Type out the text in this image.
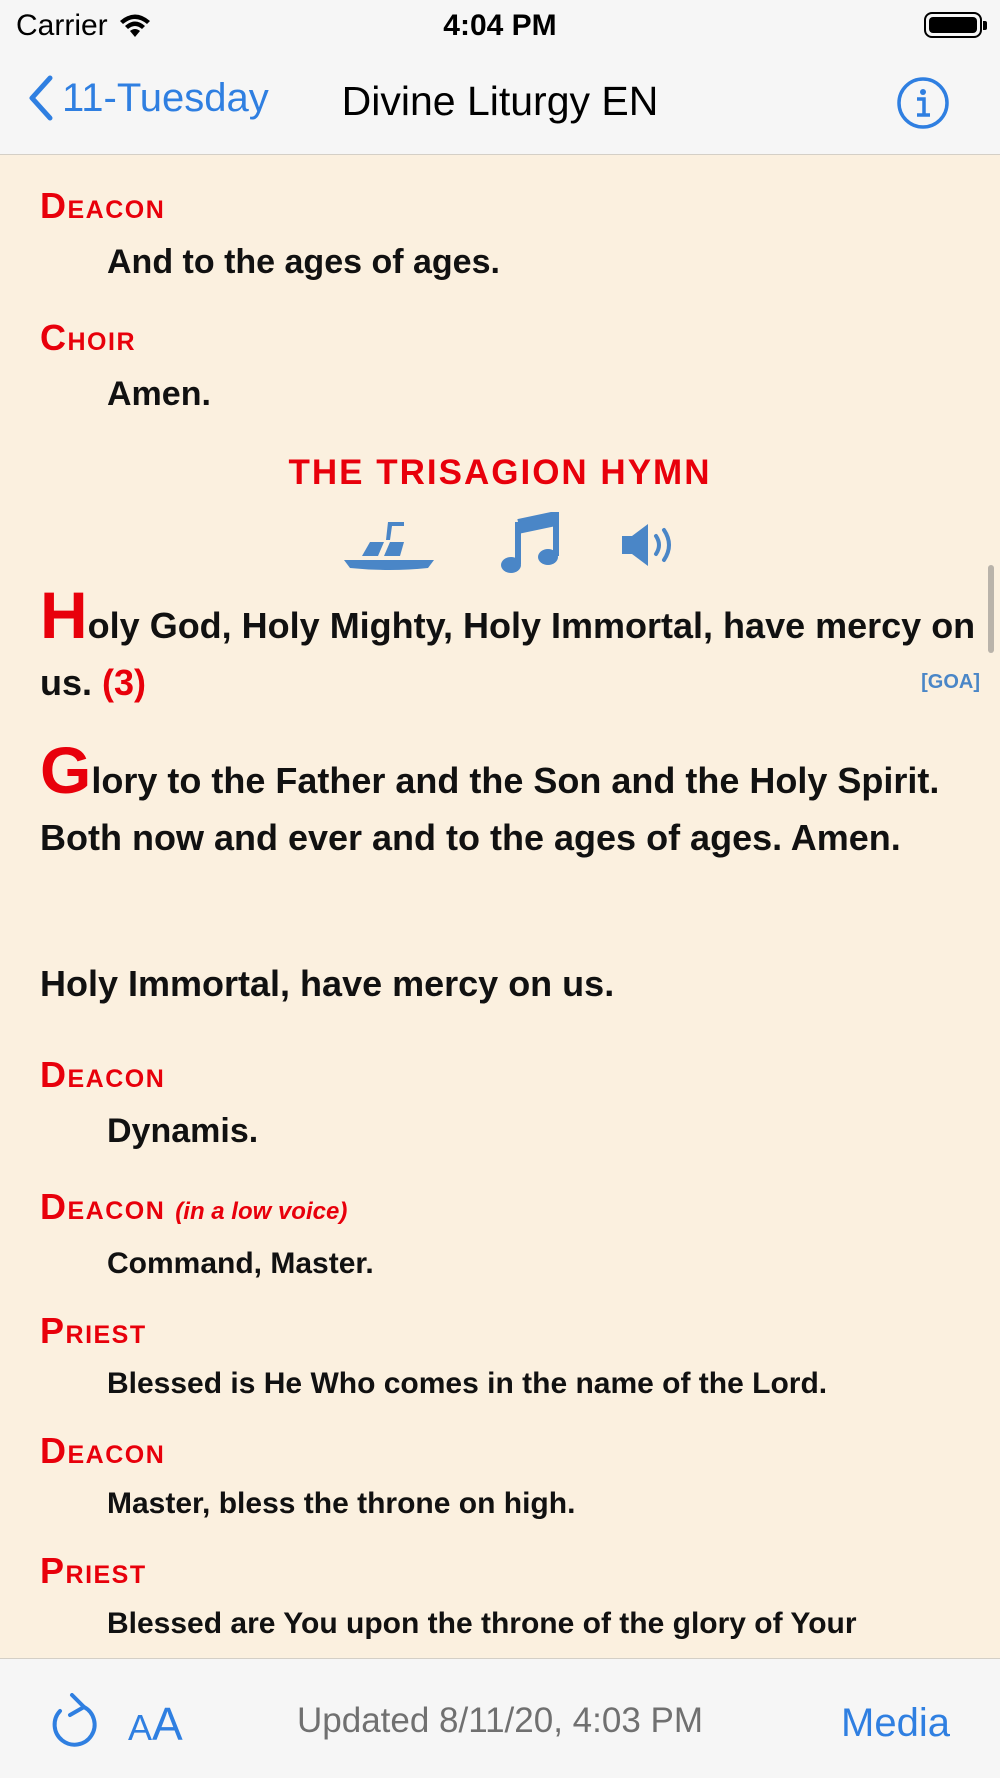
Carrier	4:04 PM
11-Tuesday	Divine Liturgy EN
Deacon
And to the ages of ages.
Choir
Amen.
THE TRISAGION HYMN
Holy God, Holy Mighty, Holy Immortal, have mercy on us. (3)	[GOA]
Glory to the Father and the Son and the Holy Spirit. Both now and ever and to the ages of ages. Amen.
Holy Immortal, have mercy on us.
Deacon
Dynamis.
Deacon (in a low voice)
Command, Master.
Priest
Blessed is He Who comes in the name of the Lord.
Deacon
Master, bless the throne on high.
Priest
Blessed are You upon the throne of the glory of Your
AA	Updated 8/11/20, 4:03 PM	Media
